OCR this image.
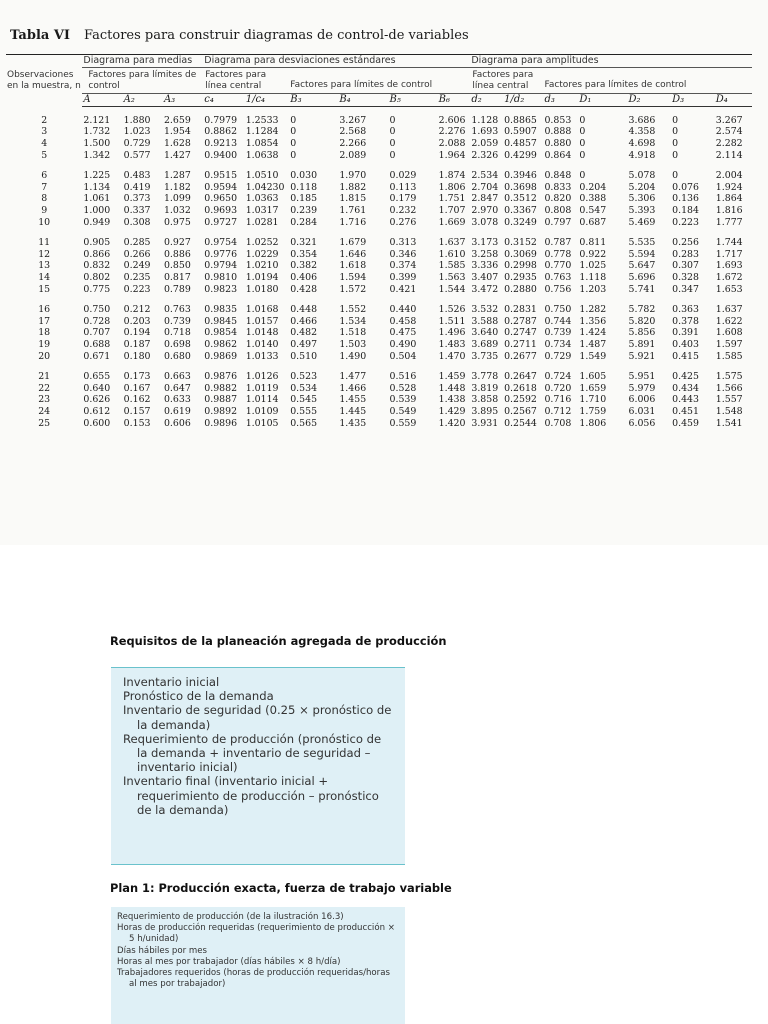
Tabla VI Factores para construir diagramas de control-de variables
Observaciones en la muestra, n	Diagrama para medias			Diagrama para desviaciones estándares						Diagrama para amplitudes						
	Factores para límites de control			Factores para línea central		Factores para límites de control				Factores para línea central		Factores para límites de control				
	A	A₂	A₃	c₄	1/c₄	B₃	B₄	B₅	B₆	d₂	1/d₂	d₃	D₁	D₂	D₃	D₄

2	2.121	1.880	2.659	0.7979	1.2533	0	3.267	0	2.606	1.128	0.8865	0.853	0	3.686	0	3.267
3	1.732	1.023	1.954	0.8862	1.1284	0	2.568	0	2.276	1.693	0.5907	0.888	0	4.358	0	2.574
4	1.500	0.729	1.628	0.9213	1.0854	0	2.266	0	2.088	2.059	0.4857	0.880	0	4.698	0	2.282
5	1.342	0.577	1.427	0.9400	1.0638	0	2.089	0	1.964	2.326	0.4299	0.864	0	4.918	0	2.114

6	1.225	0.483	1.287	0.9515	1.0510	0.030	1.970	0.029	1.874	2.534	0.3946	0.848	0	5.078	0	2.004
7	1.134	0.419	1.182	0.9594	1.04230	0.118	1.882	0.113	1.806	2.704	0.3698	0.833	0.204	5.204	0.076	1.924
8	1.061	0.373	1.099	0.9650	1.0363	0.185	1.815	0.179	1.751	2.847	0.3512	0.820	0.388	5.306	0.136	1.864
9	1.000	0.337	1.032	0.9693	1.0317	0.239	1.761	0.232	1.707	2.970	0.3367	0.808	0.547	5.393	0.184	1.816
10	0.949	0.308	0.975	0.9727	1.0281	0.284	1.716	0.276	1.669	3.078	0.3249	0.797	0.687	5.469	0.223	1.777

11	0.905	0.285	0.927	0.9754	1.0252	0.321	1.679	0.313	1.637	3.173	0.3152	0.787	0.811	5.535	0.256	1.744
12	0.866	0.266	0.886	0.9776	1.0229	0.354	1.646	0.346	1.610	3.258	0.3069	0.778	0.922	5.594	0.283	1.717
13	0.832	0.249	0.850	0.9794	1.0210	0.382	1.618	0.374	1.585	3.336	0.2998	0.770	1.025	5.647	0.307	1.693
14	0.802	0.235	0.817	0.9810	1.0194	0.406	1.594	0.399	1.563	3.407	0.2935	0.763	1.118	5.696	0.328	1.672
15	0.775	0.223	0.789	0.9823	1.0180	0.428	1.572	0.421	1.544	3.472	0.2880	0.756	1.203	5.741	0.347	1.653

16	0.750	0.212	0.763	0.9835	1.0168	0.448	1.552	0.440	1.526	3.532	0.2831	0.750	1.282	5.782	0.363	1.637
17	0.728	0.203	0.739	0.9845	1.0157	0.466	1.534	0.458	1.511	3.588	0.2787	0.744	1.356	5.820	0.378	1.622
18	0.707	0.194	0.718	0.9854	1.0148	0.482	1.518	0.475	1.496	3.640	0.2747	0.739	1.424	5.856	0.391	1.608
19	0.688	0.187	0.698	0.9862	1.0140	0.497	1.503	0.490	1.483	3.689	0.2711	0.734	1.487	5.891	0.403	1.597
20	0.671	0.180	0.680	0.9869	1.0133	0.510	1.490	0.504	1.470	3.735	0.2677	0.729	1.549	5.921	0.415	1.585

21	0.655	0.173	0.663	0.9876	1.0126	0.523	1.477	0.516	1.459	3.778	0.2647	0.724	1.605	5.951	0.425	1.575
22	0.640	0.167	0.647	0.9882	1.0119	0.534	1.466	0.528	1.448	3.819	0.2618	0.720	1.659	5.979	0.434	1.566
23	0.626	0.162	0.633	0.9887	1.0114	0.545	1.455	0.539	1.438	3.858	0.2592	0.716	1.710	6.006	0.443	1.557
24	0.612	0.157	0.619	0.9892	1.0109	0.555	1.445	0.549	1.429	3.895	0.2567	0.712	1.759	6.031	0.451	1.548
25	0.600	0.153	0.606	0.9896	1.0105	0.565	1.435	0.559	1.420	3.931	0.2544	0.708	1.806	6.056	0.459	1.541
Requisitos de la planeación agregada de producción
Inventario inicial
Pronóstico de la demanda
Inventario de seguridad (0.25 × pronóstico de la demanda)
Requerimiento de producción (pronóstico de la demanda + inventario de seguridad – inventario inicial)
Inventario final (inventario inicial + requerimiento de producción – pronóstico de la demanda)
Plan 1: Producción exacta, fuerza de trabajo variable
Requerimiento de producción (de la ilustración 16.3)
Horas de producción requeridas (requerimiento de producción × 5 h/unidad)
Días hábiles por mes
Horas al mes por trabajador (días hábiles × 8 h/día)
Trabajadores requeridos (horas de producción requeridas/horas al mes por trabajador)
